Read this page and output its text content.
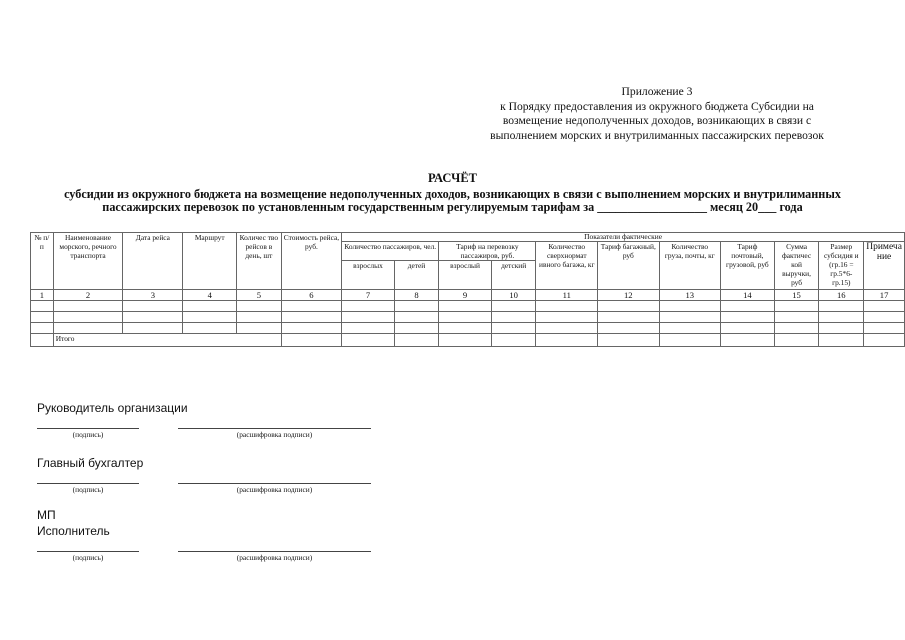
Приложение 3
к Порядку предоставления из окружного бюджета Субсидии на
возмещение недополученных доходов, возникающих в связи с
выполнением морских и внутрилиманных пассажирских перевозок
РАСЧЁТ
субсидии из окружного бюджета на возмещение недополученных доходов, возникающих в связи с выполнением морских и внутрилиманных
пассажирских перевозок по установленным государственным регулируемым тарифам за __________________ месяц 20___ года
№ п/ п	Наименование морского, речного транспорта	Дата рейса	Маршрут	Количес тво рейсов в день, шт	Стоимость рейса, руб.	Показатели фактические										
						Количество пассажиров, чел.		Тариф на перевозку пассажиров, руб.		Количество сверхнормат ивного багажа, кг	Тариф багажный, руб	Количество груза, почты, кг	Тариф почтовый, грузовой, руб	Сумма фактичес кой выручки, руб	Размер субсидия и (гр.16 = гр.5*6-гр.15)	Примеча ние
						взрослых	детей	взрослый	детский							
1	2	3	4	5	6	7	8	9	10	11	12	13	14	15	16	17

	Итого															
Руководитель организации
(подпись)	(расшифровка подписи)
Главный бухгалтер
(подпись)	(расшифровка подписи)
МП
Исполнитель
(подпись)	(расшифровка подписи)
